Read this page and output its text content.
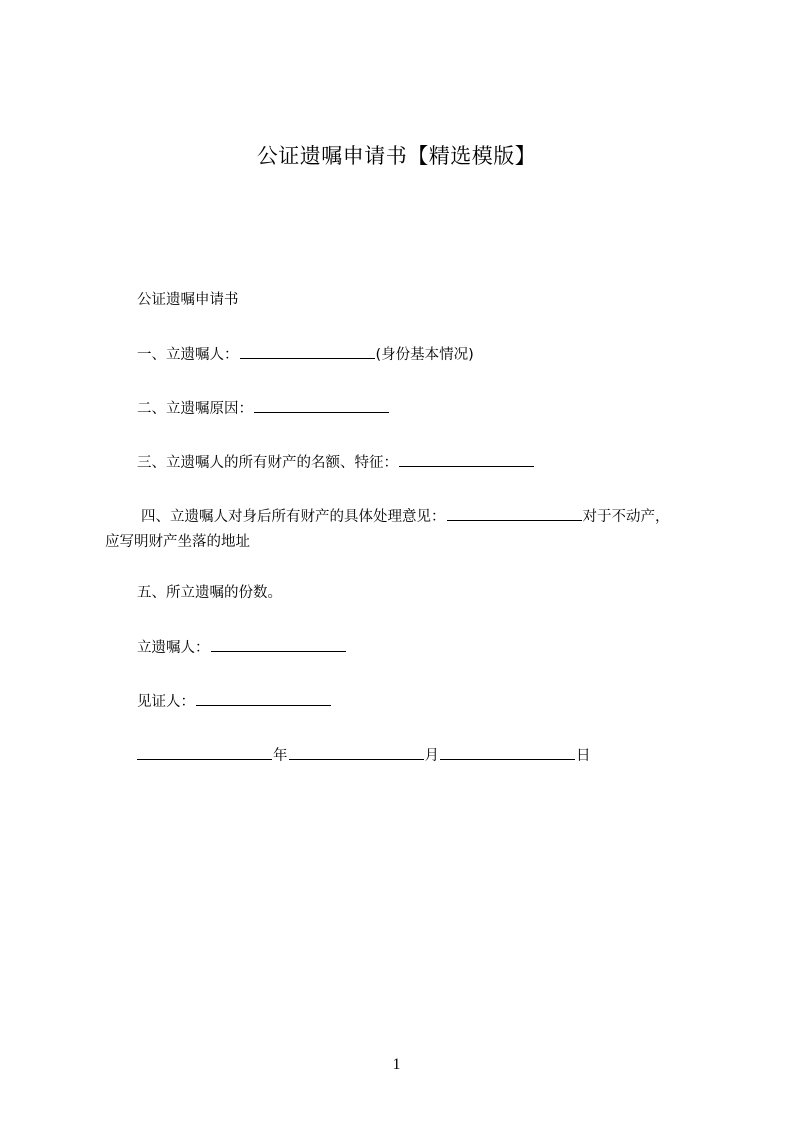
公证遗嘱申请书【精选模版】
公证遗嘱申请书
一、立遗嘱人：	(身份基本情况)
二、立遗嘱原因：
三、立遗嘱人的所有财产的名额、特征：
四、立遗嘱人对身后所有财产的具体处理意见：	对于不动产，
应写明财产坐落的地址
五、所立遗嘱的份数。
立遗嘱人：
见证人：
年	月	日
1
